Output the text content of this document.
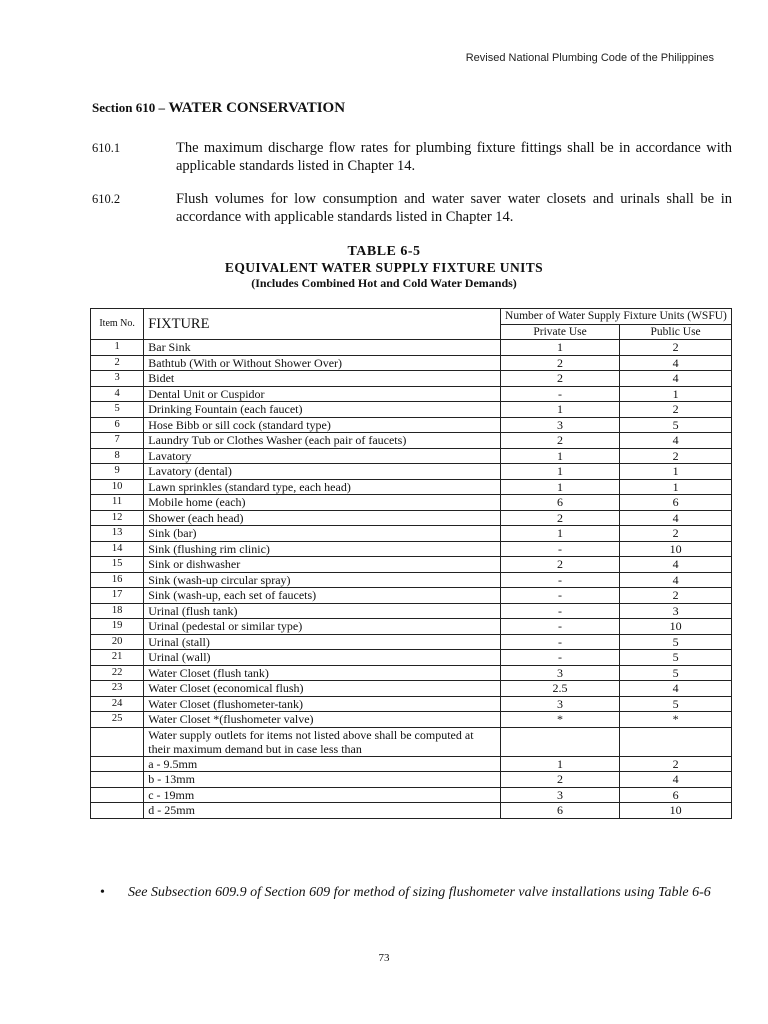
Revised National Plumbing Code of the Philippines
Section 610 – WATER CONSERVATION
610.1	The maximum discharge flow rates for plumbing fixture fittings shall be in accordance with applicable standards listed in Chapter 14.
610.2	Flush volumes for low consumption and water saver water closets and urinals shall be in accordance with applicable standards listed in Chapter 14.
TABLE 6-5
EQUIVALENT WATER SUPPLY FIXTURE UNITS
(Includes Combined Hot and Cold Water Demands)
Item No.	FIXTURE	Number of Water Supply Fixture Units (WSFU)	
		Private Use	Public Use
1	Bar Sink	1	2
2	Bathtub (With or Without Shower Over)	2	4
3	Bidet	2	4
4	Dental Unit or Cuspidor	-	1
5	Drinking Fountain (each faucet)	1	2
6	Hose Bibb or sill cock (standard type)	3	5
7	Laundry Tub or Clothes Washer (each pair of faucets)	2	4
8	Lavatory	1	2
9	Lavatory (dental)	1	1
10	Lawn sprinkles (standard type, each head)	1	1
11	Mobile home (each)	6	6
12	Shower (each head)	2	4
13	Sink (bar)	1	2
14	Sink (flushing rim clinic)	-	10
15	Sink or dishwasher	2	4
16	Sink (wash-up circular spray)	-	4
17	Sink (wash-up, each set of faucets)	-	2
18	Urinal (flush tank)	-	3
19	Urinal (pedestal or similar type)	-	10
20	Urinal (stall)	-	5
21	Urinal (wall)	-	5
22	Water Closet (flush tank)	3	5
23	Water Closet (economical flush)	2.5	4
24	Water Closet (flushometer-tank)	3	5
25	Water Closet *(flushometer valve)	*	*
	Water supply outlets for items not listed above shall be computed at their maximum demand but in case less than		
	a - 9.5mm	1	2
	b - 13mm	2	4
	c - 19mm	3	6
	d - 25mm	6	10
• See Subsection 609.9 of Section 609 for method of sizing flushometer valve installations using Table 6-6
73
